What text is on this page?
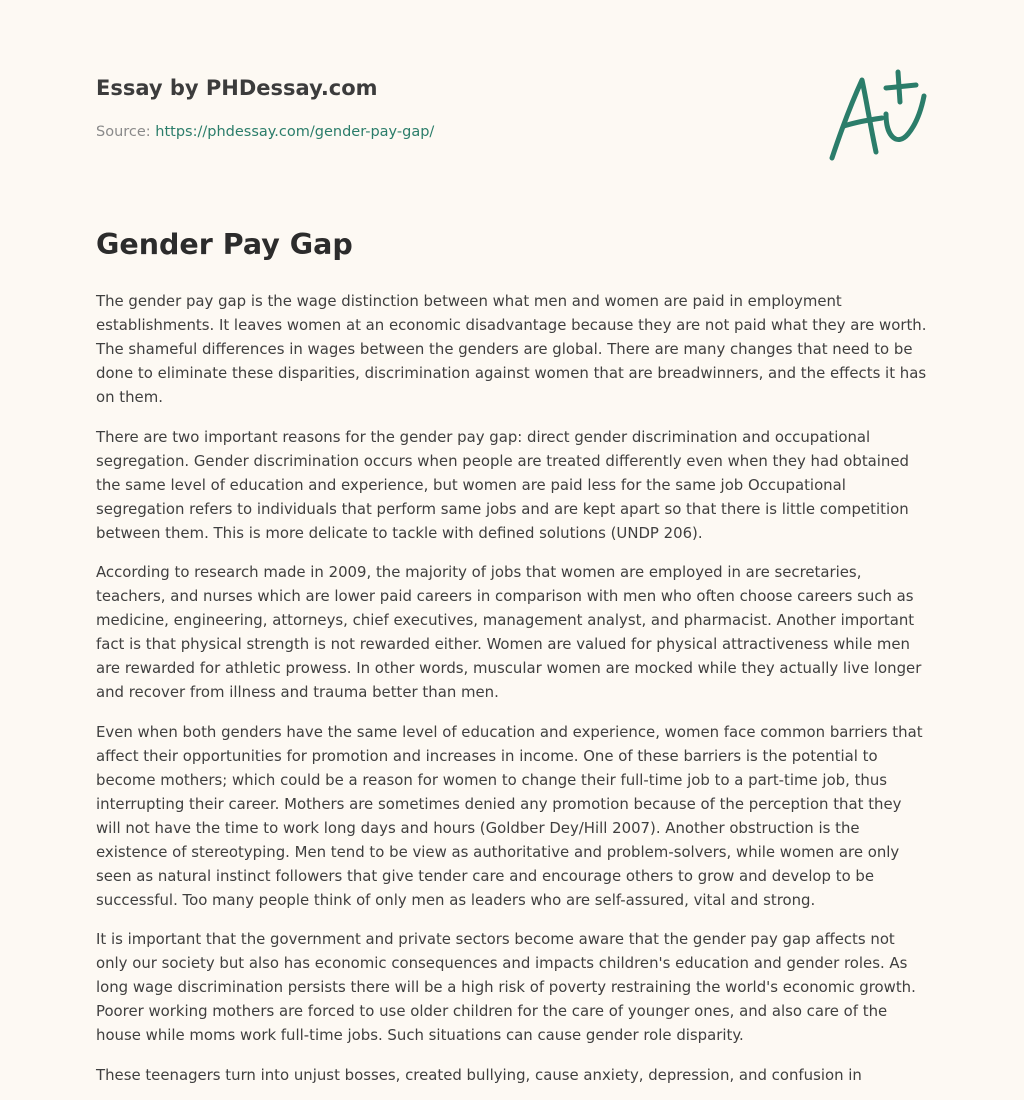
Essay by PHDessay.com

Source: https://phdessay.com/gender-pay-gap/

Gender Pay Gap

The gender pay gap is the wage distinction between what men and women are paid in employment establishments. It leaves women at an economic disadvantage because they are not paid what they are worth. The shameful differences in wages between the genders are global. There are many changes that need to be done to eliminate these disparities, discrimination against women that are breadwinners, and the effects it has on them.

There are two important reasons for the gender pay gap: direct gender discrimination and occupational segregation. Gender discrimination occurs when people are treated differently even when they had obtained the same level of education and experience, but women are paid less for the same job Occupational segregation refers to individuals that perform same jobs and are kept apart so that there is little competition between them. This is more delicate to tackle with defined solutions (UNDP 206).

According to research made in 2009, the majority of jobs that women are employed in are secretaries, teachers, and nurses which are lower paid careers in comparison with men who often choose careers such as medicine, engineering, attorneys, chief executives, management analyst, and pharmacist. Another important fact is that physical strength is not rewarded either. Women are valued for physical attractiveness while men are rewarded for athletic prowess. In other words, muscular women are mocked while they actually live longer and recover from illness and trauma better than men.

Even when both genders have the same level of education and experience, women face common barriers that affect their opportunities for promotion and increases in income. One of these barriers is the potential to become mothers; which could be a reason for women to change their full-time job to a part-time job, thus interrupting their career. Mothers are sometimes denied any promotion because of the perception that they will not have the time to work long days and hours (Goldber Dey/Hill 2007). Another obstruction is the existence of stereotyping. Men tend to be view as authoritative and problem-solvers, while women are only seen as natural instinct followers that give tender care and encourage others to grow and develop to be successful. Too many people think of only men as leaders who are self-assured, vital and strong.

It is important that the government and private sectors become aware that the gender pay gap affects not only our society but also has economic consequences and impacts children's education and gender roles. As long wage discrimination persists there will be a high risk of poverty restraining the world's economic growth. Poorer working mothers are forced to use older children for the care of younger ones, and also care of the house while moms work full-time jobs. Such situations can cause gender role disparity.

These teenagers turn into unjust bosses, created bullying, cause anxiety, depression, and confusion in
